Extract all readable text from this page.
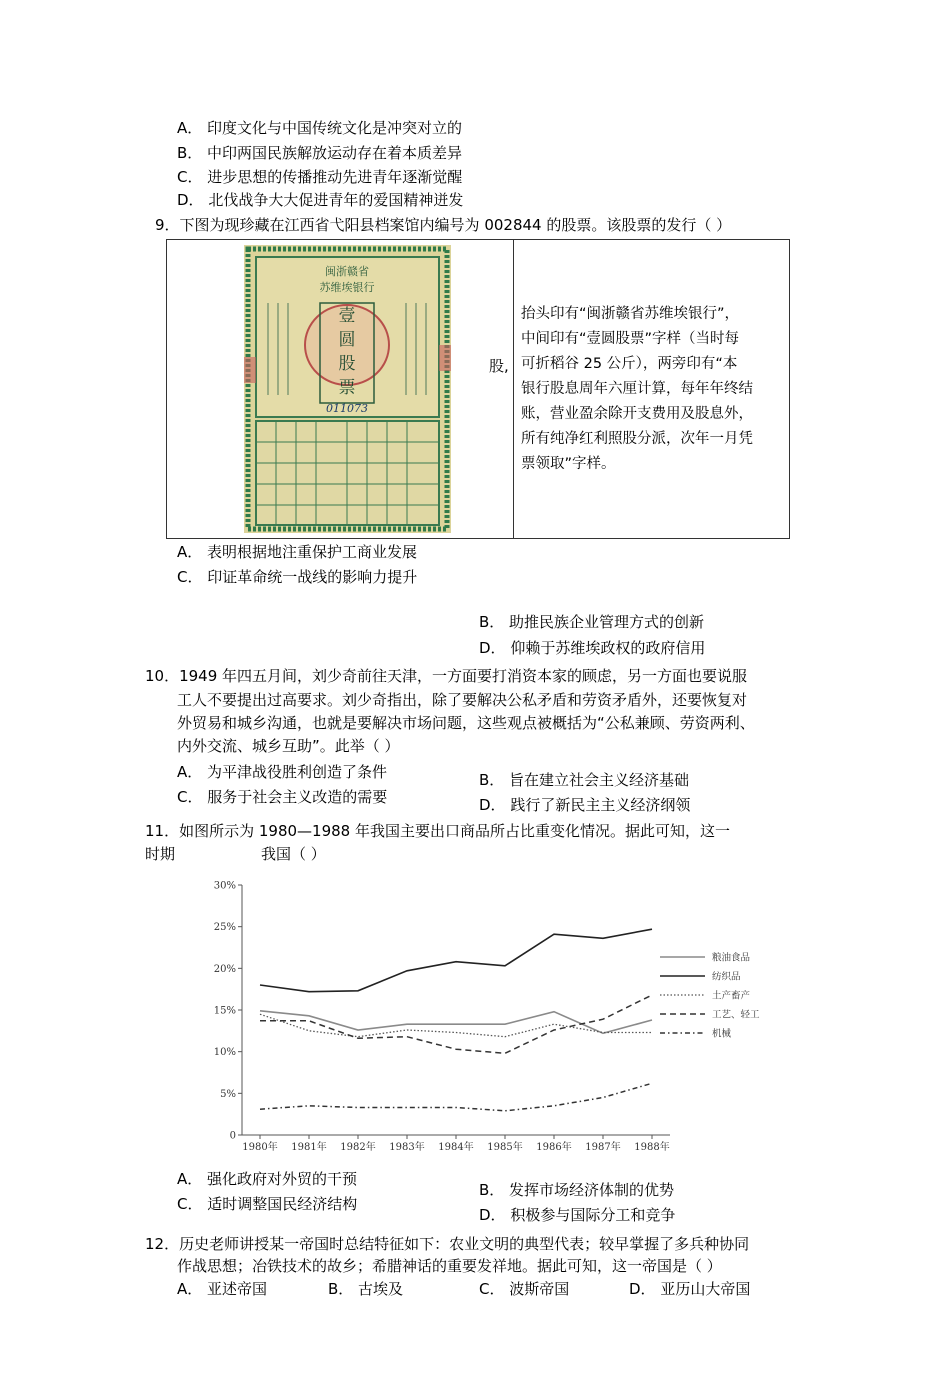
A． 印度文化与中国传统文化是冲突对立的
B． 中印两国民族解放运动存在着本质差异
C． 进步思想的传播推动先进青年逐渐觉醒
D． 北伐战争大大促进青年的爱国精神迸发
9．下图为现珍藏在江西省弋阳县档案馆内编号为 002844 的股票。该股票的发行（ ）
闽浙赣省
苏维埃银行
壹
圆
股
票
011073
股,
抬头印有“闽浙赣省苏维埃银行”，
中间印有“壹圆股票”字样（当时每
可折稻谷 25 公斤），两旁印有“本
银行股息周年六厘计算，每年年终结
账，营业盈余除开支费用及股息外，
所有纯净红利照股分派，次年一月凭
票领取”字样。
A． 表明根据地注重保护工商业发展
C． 印证革命统一战线的影响力提升
B． 助推民族企业管理方式的创新
D． 仰赖于苏维埃政权的政府信用
10．1949 年四五月间，刘少奇前往天津，一方面要打消资本家的顾虑，另一方面也要说服
工人不要提出过高要求。刘少奇指出，除了要解决公私矛盾和劳资矛盾外，还要恢复对
外贸易和城乡沟通，也就是要解决市场问题，这些观点被概括为“公私兼顾、劳资两利、
内外交流、城乡互助”。此举（ ）
A． 为平津战役胜利创造了条件
C． 服务于社会主义改造的需要
B． 旨在建立社会主义经济基础
D． 践行了新民主主义经济纲领
11．如图所示为 1980—1988 年我国主要出口商品所占比重变化情况。据此可知，这一
时期	我国（ ）
0
5%
10%
15%
20%
25%
30%
1980年 1981年 1982年 1983年 1984年 1985年 1986年 1987年 1988年
粮油食品
纺织品
土产畜产
工艺、轻工
机械
A． 强化政府对外贸的干预
C． 适时调整国民经济结构
B． 发挥市场经济体制的优势
D． 积极参与国际分工和竞争
12．历史老师讲授某一帝国时总结特征如下：农业文明的典型代表；较早掌握了多兵种协同
作战思想；冶铁技术的故乡；希腊神话的重要发祥地。据此可知，这一帝国是（ ）
A． 亚述帝国	B． 古埃及	C． 波斯帝国	D． 亚历山大帝国
